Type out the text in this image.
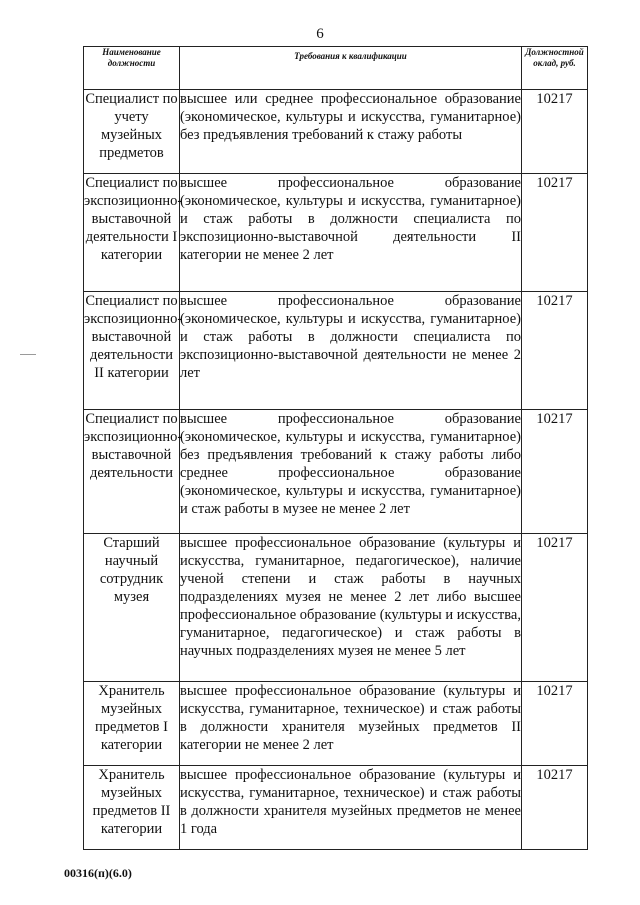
6
Наименование должности	Требования к квалификации	Должностной оклад, руб.
Специалист по учету музейных предметов	высшее или среднее профессиональное образование (экономическое, культуры и искусства, гуманитарное) без предъявления требований к стажу работы	10217
Специалист по экспозиционно-выставочной деятельности I категории	высшее профессиональное образование (экономическое, культуры и искусства, гуманитарное) и стаж работы в должности специалиста по экспозиционно-выставочной деятельности II категории не менее 2 лет	10217
Специалист по экспозиционно-выставочной деятельности II категории	высшее профессиональное образование (экономическое, культуры и искусства, гуманитарное) и стаж работы в должности специалиста по экспозиционно-выставочной деятельности не менее 2 лет	10217
Специалист по экспозиционно-выставочной деятельности	высшее профессиональное образование (экономическое, культуры и искусства, гуманитарное) без предъявления требований к стажу работы либо среднее профессиональное образование (экономическое, культуры и искусства, гуманитарное) и стаж работы в музее не менее 2 лет	10217
Старший научный сотрудник музея	высшее профессиональное образование (культуры и искусства, гуманитарное, педагогическое), наличие ученой степени и стаж работы в научных подразделениях музея не менее 2 лет либо высшее профессиональное образование (культуры и искусства, гуманитарное, педагогическое) и стаж работы в научных подразделениях музея не менее 5 лет	10217
Хранитель музейных предметов I категории	высшее профессиональное образование (культуры и искусства, гуманитарное, техническое) и стаж работы в должности хранителя музейных предметов II категории не менее 2 лет	10217
Хранитель музейных предметов II категории	высшее профессиональное образование (культуры и искусства, гуманитарное, техническое) и стаж работы в должности хранителя музейных предметов не менее 1 года	10217
00316(п)(6.0)
